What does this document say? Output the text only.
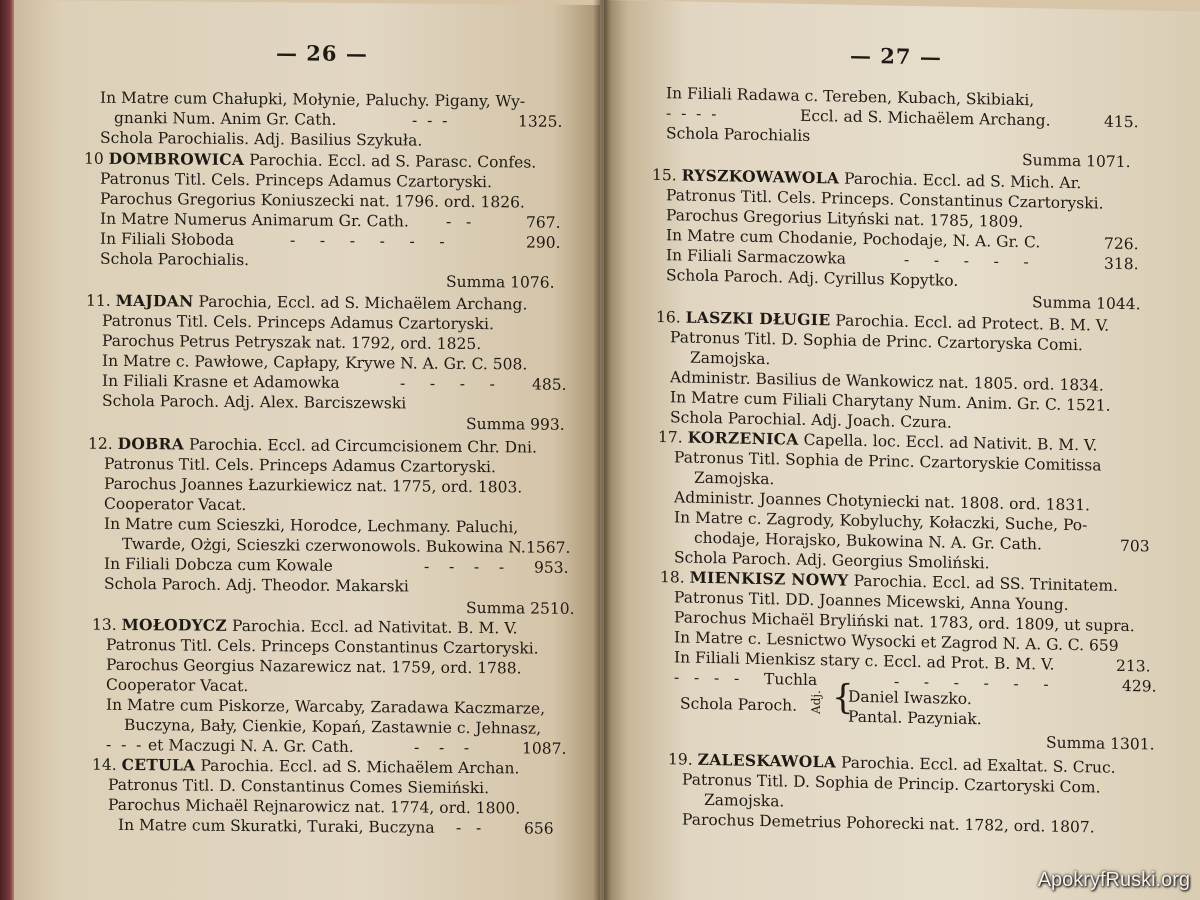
— 26 —
In Matre cum Chałupki, Mołynie, Paluchy. Pigany, Wy-
gnanki Num. Anim Gr. Cath.	-  -  -	1325.
Schola Parochialis. Adj. Basilius Szykuła.
10 DOMBROWICA Parochia. Eccl. ad S. Parasc. Confes.
Patronus Titl. Cels. Princeps Adamus Czartoryski.
Parochus Gregorius Koniuszecki nat. 1796. ord. 1826.
In Matre Numerus Animarum Gr. Cath. -   -	767.
In Filiali Słoboda	-     -     -     -     -     -	290.
Schola Parochialis.
Summa 1076.
11. MAJDAN Parochia, Eccl. ad S. Michaëlem Archang.
Patronus Titl. Cels. Princeps Adamus Czartoryski.
Parochus Petrus Petryszak nat. 1792, ord. 1825.
In Matre c. Pawłowe, Capłapy, Krywe N. A. Gr. C. 508.
In Filiali Krasne et Adamowka	-     -     -     - 485.
Schola Paroch. Adj. Alex. Barciszewski
Summa 993.
12. DOBRA Parochia. Eccl. ad Circumcisionem Chr. Dni.
Patronus Titl. Cels. Princeps Adamus Czartoryski.
Parochus Joannes Łazurkiewicz nat. 1775, ord. 1803.
Cooperator Vacat.
In Matre cum Scieszki, Horodce, Lechmany. Paluchi,
Twarde, Ożgi, Scieszki czerwonowols. Bukowina N. 1567.
In Filiali Dobcza cum Kowale	-    -    -    - 953.
Schola Paroch. Adj. Theodor. Makarski
Summa 2510.
13. MOŁODYCZ Parochia. Eccl. ad Nativitat. B. M. V.
Patronus Titl. Cels. Princeps Constantinus Czartoryski.
Parochus Georgius Nazarewicz nat. 1759, ord. 1788.
Cooperator Vacat.
In Matre cum Piskorze, Warcaby, Zaradawa Kaczmarze,
Buczyna, Bały, Cienkie, Kopań, Zastawnie c. Jehnasz,
-  -  - et Maczugi N. A. Gr. Cath.	-    -    -	1087.
14. CETULA Parochia. Eccl. ad S. Michaëlem Archan.
Patronus Titl. D. Constantinus Comes Siemiński.
Parochus Michaël Rejnarowicz nat. 1774, ord. 1800.
In Matre cum Skuratki, Turaki, Buczyna -   -	656
— 27 —
In Filiali Radawa c. Tereben, Kubach, Skibiaki,
-  -  -  -	Eccl. ad S. Michaëlem Archang.	415.
Schola Parochialis
Summa 1071.
15. RYSZKOWAWOLA Parochia. Eccl. ad S. Mich. Ar.
Patronus Titl. Cels. Princeps. Constantinus Czartoryski.
Parochus Gregorius Lityński nat. 1785, 1809.
In Matre cum Chodanie, Pochodaje, N. A. Gr. C.	726.
In Filiali Sarmaczowka	-     -     -     -     -	318.
Schola Paroch. Adj. Cyrillus Kopytko.
Summa 1044.
16. LASZKI DŁUGIE Parochia. Eccl. ad Protect. B. M. V.
Patronus Titl. D. Sophia de Princ. Czartoryska Comi.
Zamojska.
Administr. Basilius de Wankowicz nat. 1805. ord. 1834.
In Matre cum Filiali Charytany Num. Anim. Gr. C. 1521.
Schola Parochial. Adj. Joach. Czura.
17. KORZENICA Capella. loc. Eccl. ad Nativit. B. M. V.
Patronus Titl. Sophia de Princ. Czartoryskie Comitissa
Zamojska.
Administr. Joannes Chotyniecki nat. 1808. ord. 1831.
In Matre c. Zagrody, Kobyluchy, Kołaczki, Suche, Po-
chodaje, Horajsko, Bukowina N. A. Gr. Cath.	703
Schola Paroch. Adj. Georgius Smoliński.
18. MIENKISZ NOWY Parochia. Eccl. ad SS. Trinitatem.
Patronus Titl. DD. Joannes Micewski, Anna Young.
Parochus Michaël Bryliński nat. 1783, ord. 1809, ut supra.
In Matre c. Lesnictwo Wysocki et Zagrod N. A. G. C. 659
In Filiali Mienkisz stary c. Eccl. ad Prot. B. M. V.	213.
-   -   -   - Tuchla	-     -     -     -     -     -	429.
Schola Paroch. Adj. {
Daniel Iwaszko.
Pantal. Pazyniak.
Summa 1301.
19. ZALESKAWOLA Parochia. Eccl. ad Exaltat. S. Cruc.
Patronus Titl. D. Sophia de Princip. Czartoryski Com.
Zamojska.
Parochus Demetrius Pohorecki nat. 1782, ord. 1807.
ApokryfRuski.org
